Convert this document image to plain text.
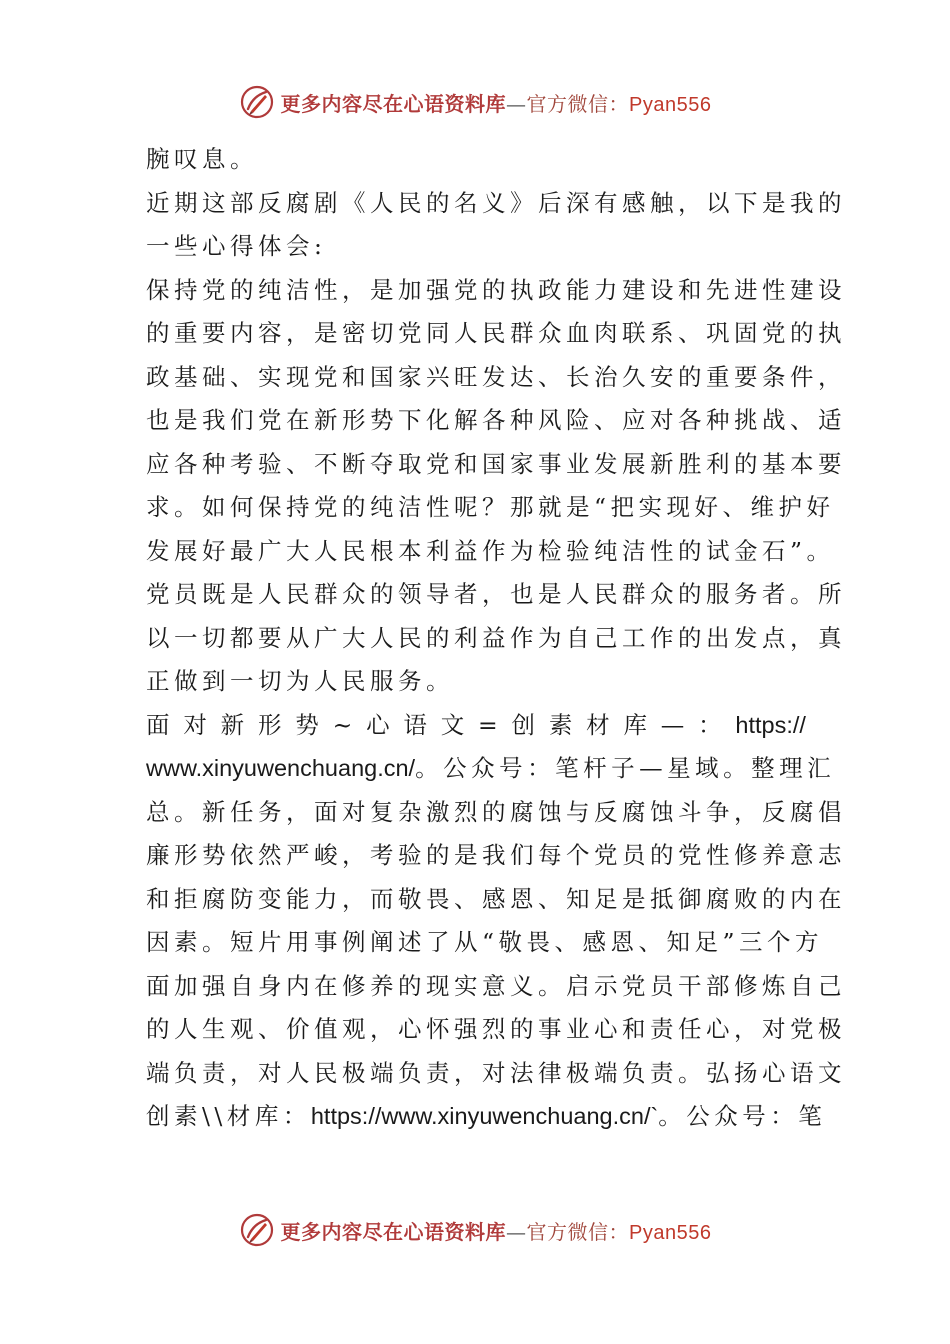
更多内容尽在心语资料库—官方微信：Pyan556
腕叹息。
近期这部反腐剧《人民的名义》后深有感触，以下是我的
一些心得体会:
保持党的纯洁性，是加强党的执政能力建设和先进性建设
的重要内容，是密切党同人民群众血肉联系、巩固党的执
政基础、实现党和国家兴旺发达、长治久安的重要条件，
也是我们党在新形势下化解各种风险、应对各种挑战、适
应各种考验、不断夺取党和国家事业发展新胜利的基本要
求。如何保持党的纯洁性呢？那就是“把实现好、维护好
发展好最广大人民根本利益作为检验纯洁性的试金石”。
党员既是人民群众的领导者，也是人民群众的服务者。所
以一切都要从广大人民的利益作为自己工作的出发点，真
正做到一切为人民服务。
面 对 新 形 势 ~ 心 语 文 = 创 素 材 库 — ： https://
www.xinyuwenchuang.cn/。公众号：笔杆子—星域。整理汇
总。新任务，面对复杂激烈的腐蚀与反腐蚀斗争，反腐倡
廉形势依然严峻，考验的是我们每个党员的党性修养意志
和拒腐防变能力，而敬畏、感恩、知足是抵御腐败的内在
因素。短片用事例阐述了从“敬畏、感恩、知足”三个方
面加强自身内在修养的现实意义。启示党员干部修炼自己
的人生观、价值观，心怀强烈的事业心和责任心，对党极
端负责，对人民极端负责，对法律极端负责。弘扬心语文
创素\\材库：https://www.xinyuwenchuang.cn/`。公众号：笔
更多内容尽在心语资料库—官方微信：Pyan556
